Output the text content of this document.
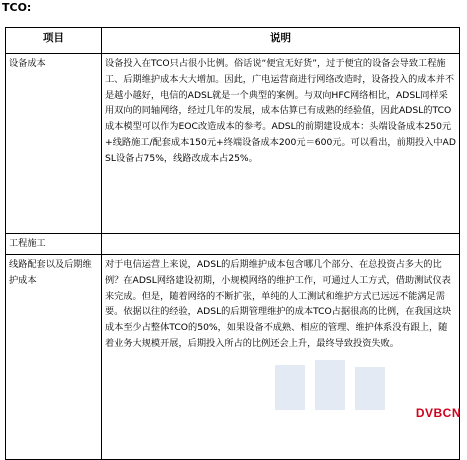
TCO:
项目	说明
设备成本	设备投入在TCO只占很小比例。俗话说“便宜无好货”，过于便宜的设备会导致工程施工、后期维护成本大大增加。因此，广电运营商进行网络改造时，设备投入的成本并不是越小越好，电信的ADSL就是一个典型的案例。与双向HFC网络相比，ADSL同样采用双向的同轴网络，经过几年的发展，成本估算已有成熟的经验值，因此ADSL的TCO成本模型可以作为EOC改造成本的参考。ADSL的前期建设成本：头端设备成本250元+线路施工/配套成本150元+终端设备成本200元＝600元。可以看出，前期投入中ADSL设备占75%，线路改成本占25%。
工程施工	
线路配套以及后期维护成本	对于电信运营上来说，ADSL的后期维护成本包含哪几个部分、在总投资占多大的比例？在ADSL网络建设初期，小规模网络的维护工作，可通过人工方式，借助测试仪表来完成。但是，随着网络的不断扩张，单纯的人工测试和维护方式已远远不能满足需要。依据以往的经验，ADSL的后期管理维护的成本TCO占据很高的比例，在我国这块成本至少占整体TCO的50%，如果设备不成熟、相应的管理、维护体系没有跟上，随着业务大规模开展，后期投入所占的比例还会上升，最终导致投资失败。
DVBCN
